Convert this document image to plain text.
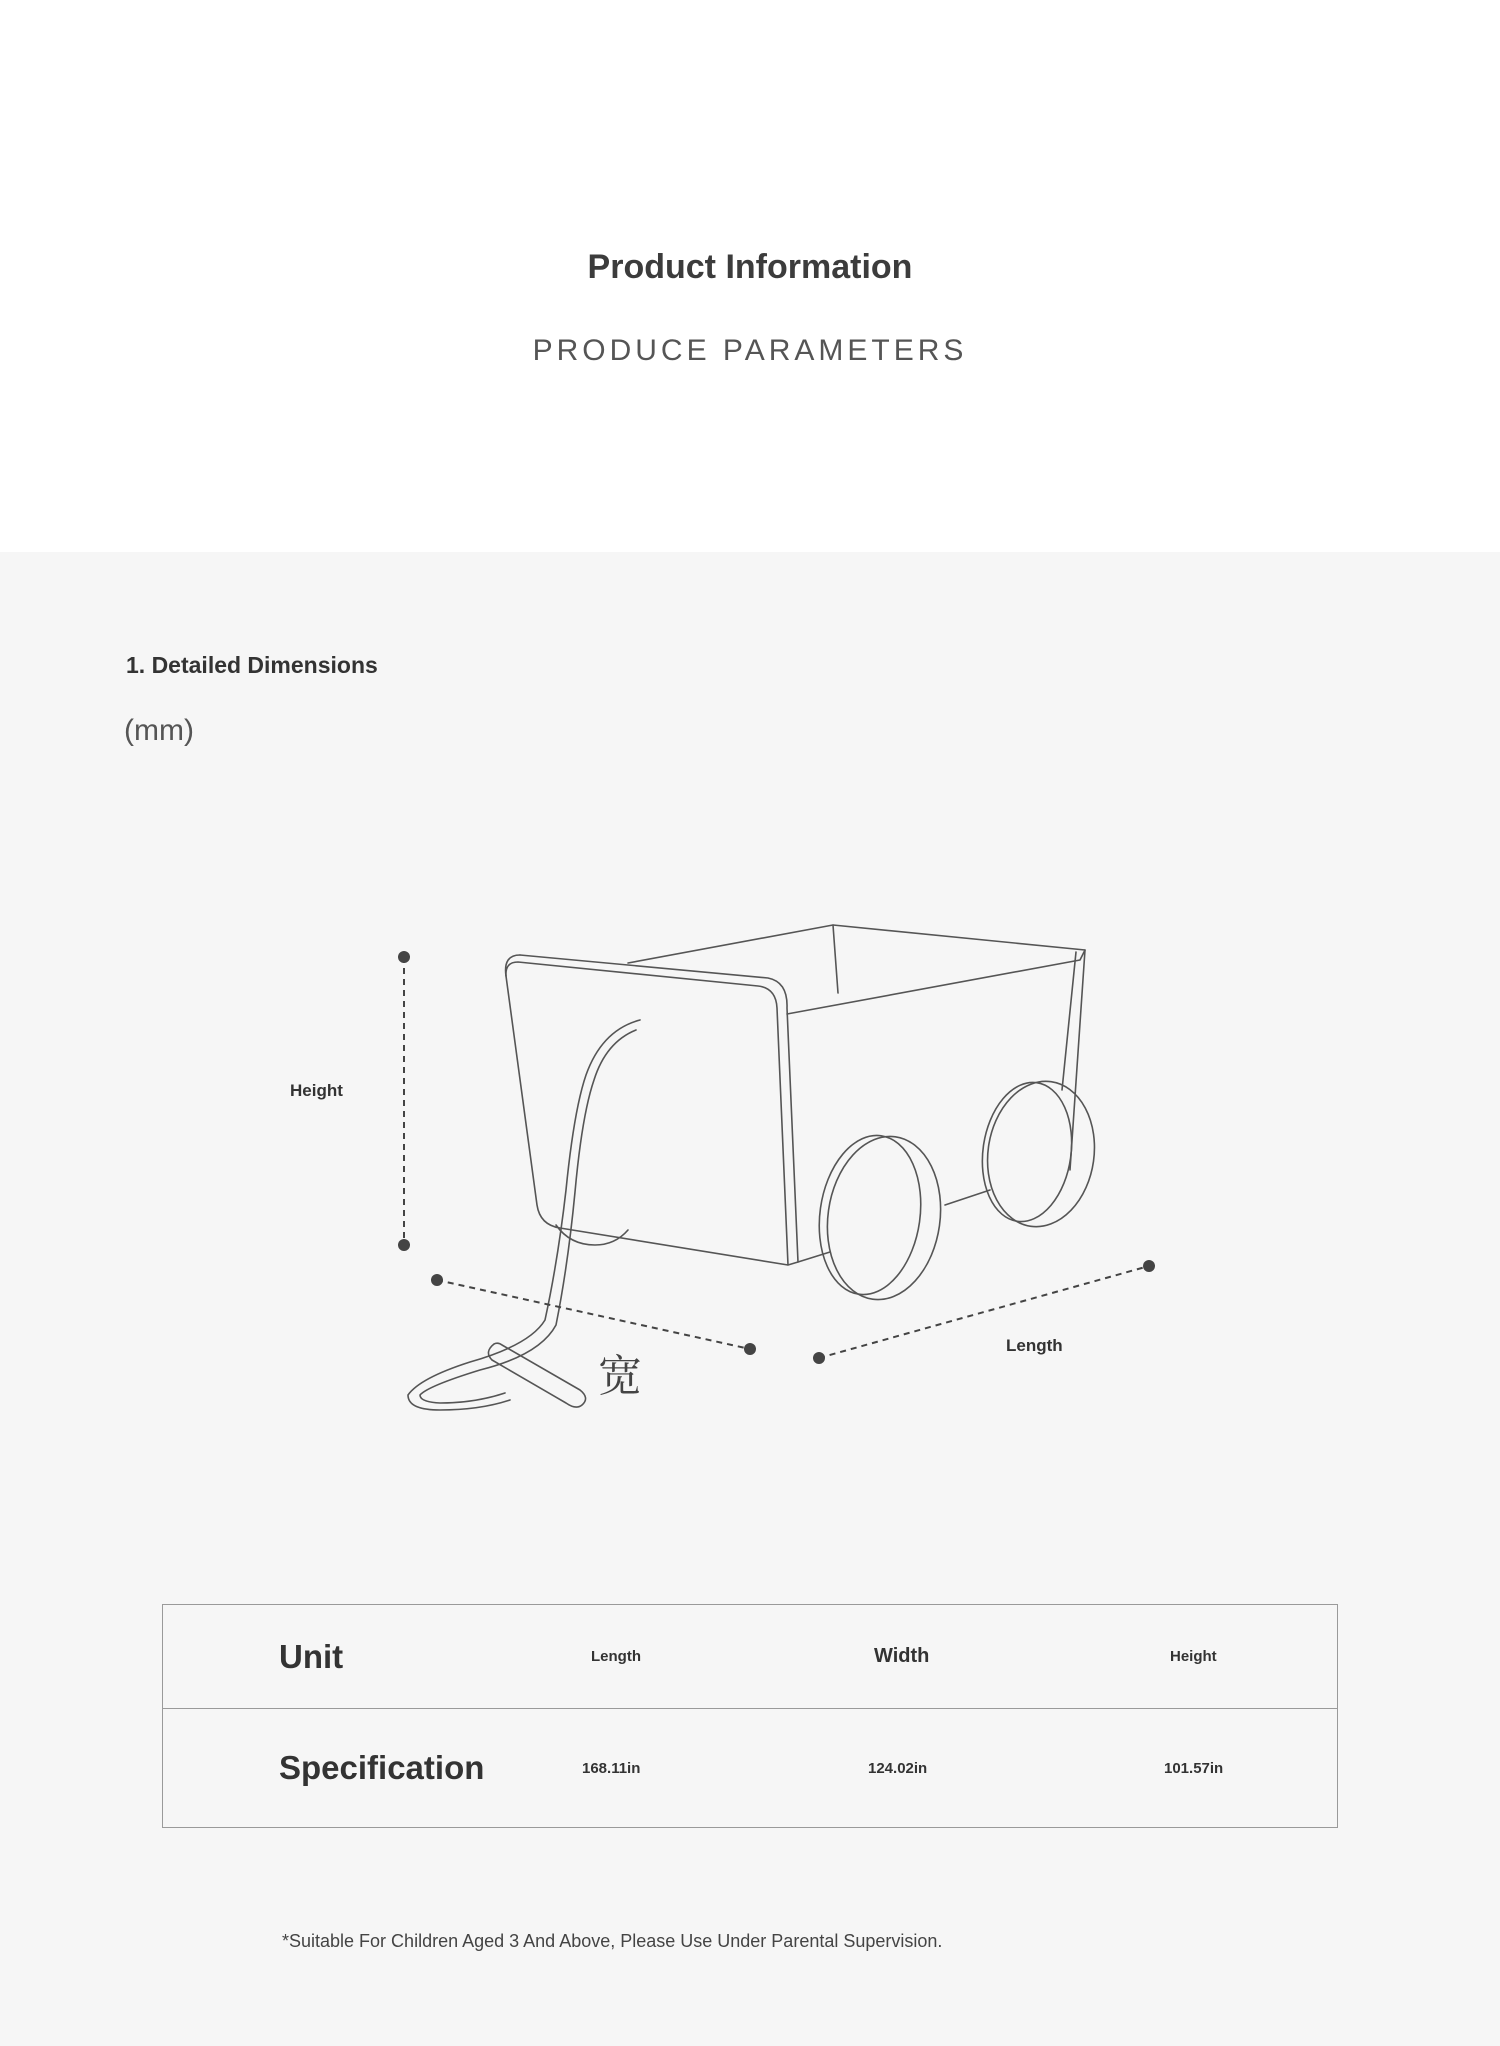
Product Information
PRODUCE PARAMETERS
1. Detailed Dimensions
(mm)
Height
Length
宽
Unit	Length	Width	Height
Specification	168.11in	124.02in	101.57in
*Suitable For Children Aged 3 And Above, Please Use Under Parental Supervision.
